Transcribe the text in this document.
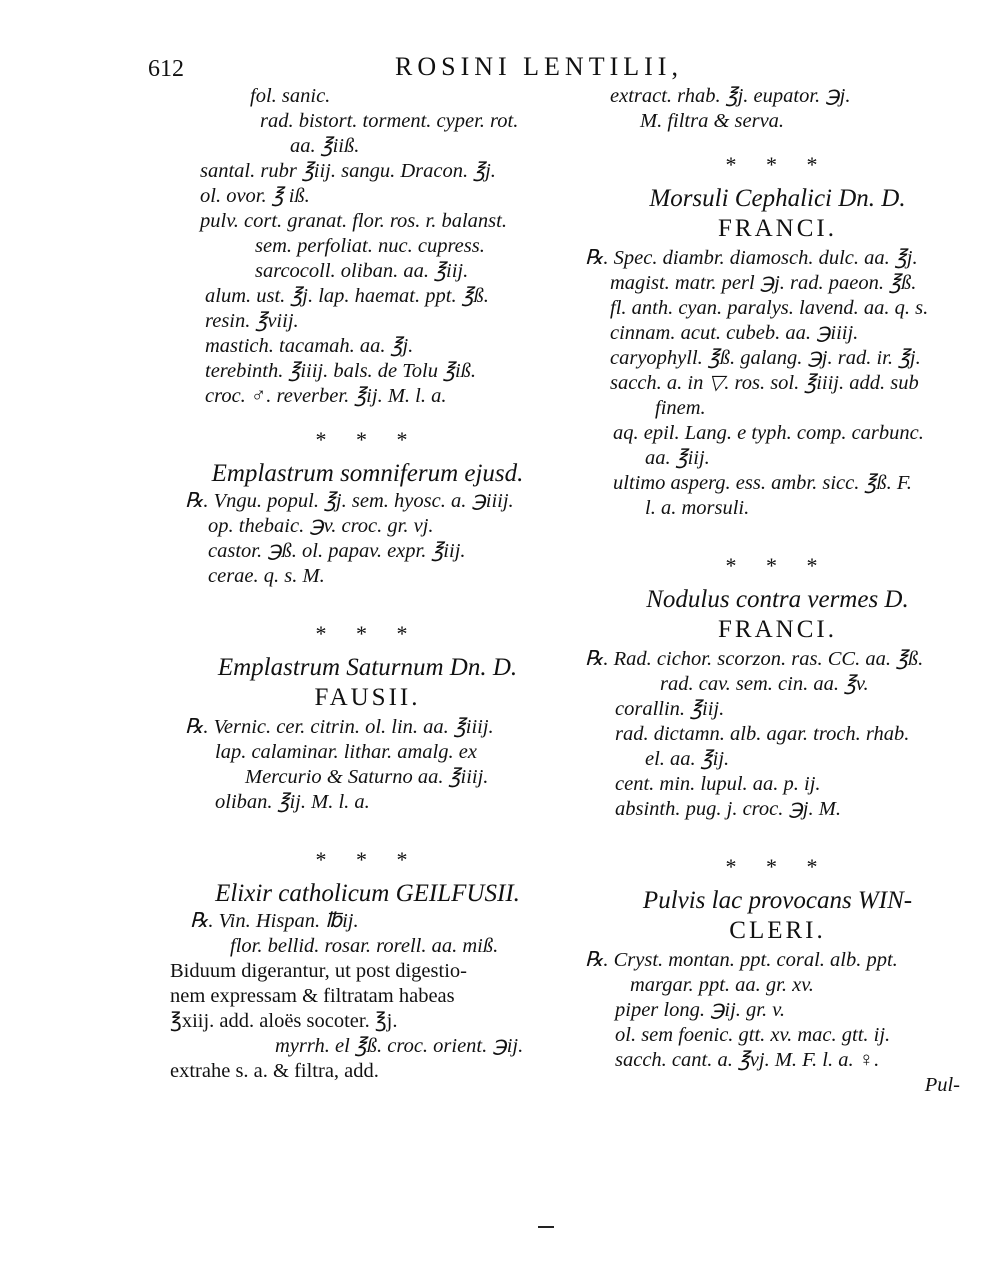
612	ROSINI LENTILII,
fol. sanic.
rad. bistort. torment. cyper. rot.
aa. ℥iiß.
santal. rubr ℥iij. sangu. Dracon. ℥j.
ol. ovor. ℥ iß.
pulv. cort. granat. flor. ros. r. balanst.
sem. perfoliat. nuc. cupress.
sarcocoll. oliban. aa. ℥iij.
alum. ust. ℥j. lap. haemat. ppt. ℥ß.
resin. ℥viij.
mastich. tacamah. aa. ℥j.
terebinth. ℥iiij. bals. de Tolu ℥iß.
croc. ♂. reverber. ℥ij. M. l. a.
* * *
Emplastrum somniferum ejusd.
℞. Vngu. popul. ℥j. sem. hyosc. a. ℈iiij.
op. thebaic. ℈v. croc. gr. vj.
castor. ℈ß. ol. papav. expr. ℥iij.
cerae. q. s. M.
* * *
Emplastrum Saturnum Dn. D.
FAUSII.
℞. Vernic. cer. citrin. ol. lin. aa. ℥iiij.
lap. calaminar. lithar. amalg. ex
Mercurio & Saturno aa. ℥iiij.
oliban. ℥ij. M. l. a.
* * *
Elixir catholicum GEILFUSII.
℞. Vin. Hispan. ℔ij.
flor. bellid. rosar. rorell. aa. miß.
Biduum digerantur, ut post digestio-
nem expressam & filtratam habeas
℥xiij. add. aloës socoter. ℥j.
myrrh. el ℥ß. croc. orient. ℈ij.
extrahe s. a. & filtra, add.
extract. rhab. ℥j. eupator. ℈j.
M. filtra & serva.
* * *
Morsuli Cephalici Dn. D.
FRANCI.
℞. Spec. diambr. diamosch. dulc. aa. ℥j.
magist. matr. perl ℈j. rad. paeon. ℥ß.
fl. anth. cyan. paralys. lavend. aa. q. s.
cinnam. acut. cubeb. aa. ℈iiij.
caryophyll. ℥ß. galang. ℈j. rad. ir. ℥j.
sacch. a. in ▽. ros. sol. ℥iiij. add. sub
finem.
aq. epil. Lang. e typh. comp. carbunc.
aa. ℥iij.
ultimo asperg. ess. ambr. sicc. ℥ß. F.
l. a. morsuli.
* * *
Nodulus contra vermes D.
FRANCI.
℞. Rad. cichor. scorzon. ras. CC. aa. ℥ß.
rad. cav. sem. cin. aa. ℥v.
corallin. ℥iij.
rad. dictamn. alb. agar. troch. rhab.
el. aa. ℥ij.
cent. min. lupul. aa. p. ij.
absinth. pug. j. croc. ℈j. M.
* * *
Pulvis lac provocans WIN-
CLERI.
℞. Cryst. montan. ppt. coral. alb. ppt.
margar. ppt. aa. gr. xv.
piper long. ℈ij. gr. v.
ol. sem foenic. gtt. xv. mac. gtt. ij.
sacch. cant. a. ℥vj. M. F. l. a. ♀.
Pul-
